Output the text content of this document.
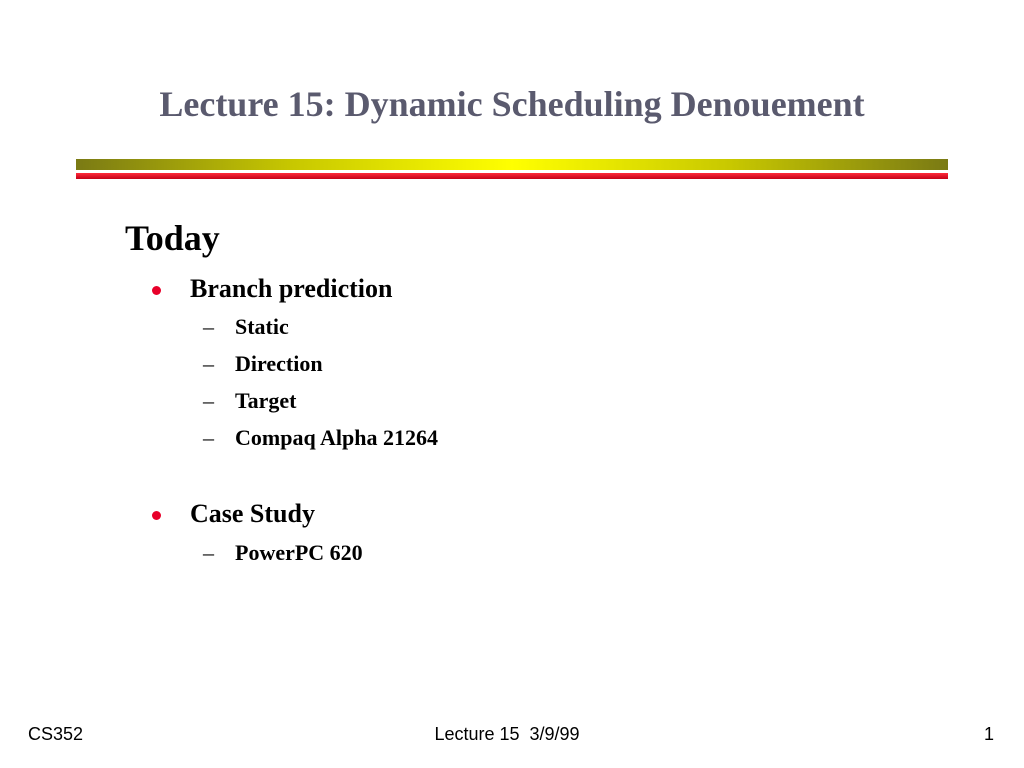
Lecture 15: Dynamic Scheduling Denouement
Today
Branch prediction
– Static
– Direction
– Target
– Compaq Alpha 21264
Case Study
– PowerPC 620
CS352	Lecture 15  3/9/99	1
